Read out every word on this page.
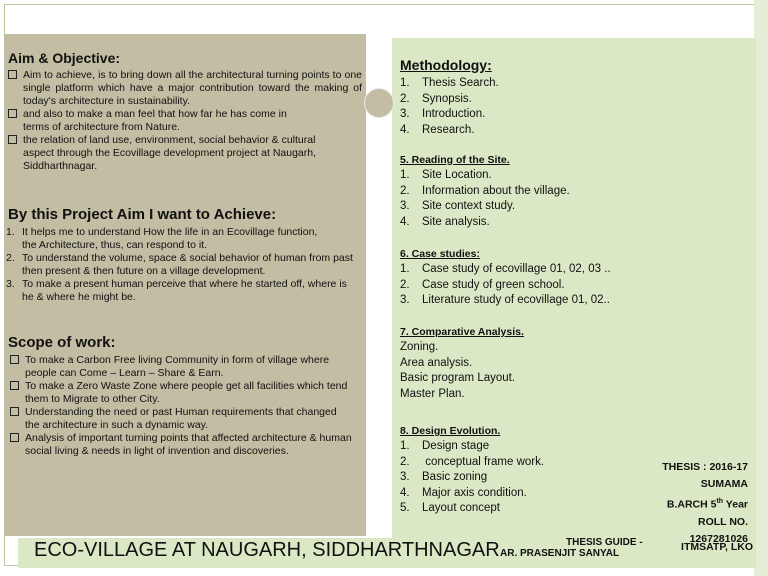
Aim & Objective:
Aim to achieve, is to bring down all the architectural turning points to one single platform which have a major contribution toward the making of today's architecture in sustainability.
and also to make a man feel that how far he has come in terms of architecture from Nature.
the relation of land use, environment, social behavior & cultural aspect through the Ecovillage development project at Naugarh, Siddharthnagar.
By this Project Aim I want to Achieve:
1. It helps me to understand How the life in an Ecovillage function, the Architecture, thus, can respond to it.
2. To understand the volume, space & social behavior of human from past then present & then future on a village development.
3. To make a present human perceive that where he started off, where is he & where he might be.
Scope of work:
To make a Carbon Free living Community in form of village where people can Come – Learn – Share & Earn.
To make a Zero Waste Zone where people get all facilities which tend them to Migrate to other City.
Understanding the need or past Human requirements that changed the architecture in such a dynamic way.
Analysis of important turning points that affected architecture & human social living & needs in light of invention and discoveries.
Methodology:
1.	Thesis Search.
2.	Synopsis.
3.	Introduction.
4.	Research.
5. Reading of the Site.
1.	Site Location.
2.	Information about the village.
3.	Site context study.
4.	Site analysis.
6. Case studies:
1.	Case study of ecovillage 01, 02, 03 ..
2.	Case study of green school.
3.	Literature study of ecovillage 01, 02..
7. Comparative Analysis.
Zoning.
Area analysis.
Basic program Layout.
Master Plan.
8. Design Evolution.
1.	Design stage
2.	conceptual frame work.
3.	Basic zoning
4.	Major axis condition.
5.	Layout concept
THESIS : 2016-17
SUMAMA
B.ARCH 5th Year
ROLL NO.
1267281026
THESIS GUIDE -
AR. PRASENJIT SANYAL
ITMSATP, LKO
ECO-VILLAGE AT NAUGARH, SIDDHARTHNAGAR
